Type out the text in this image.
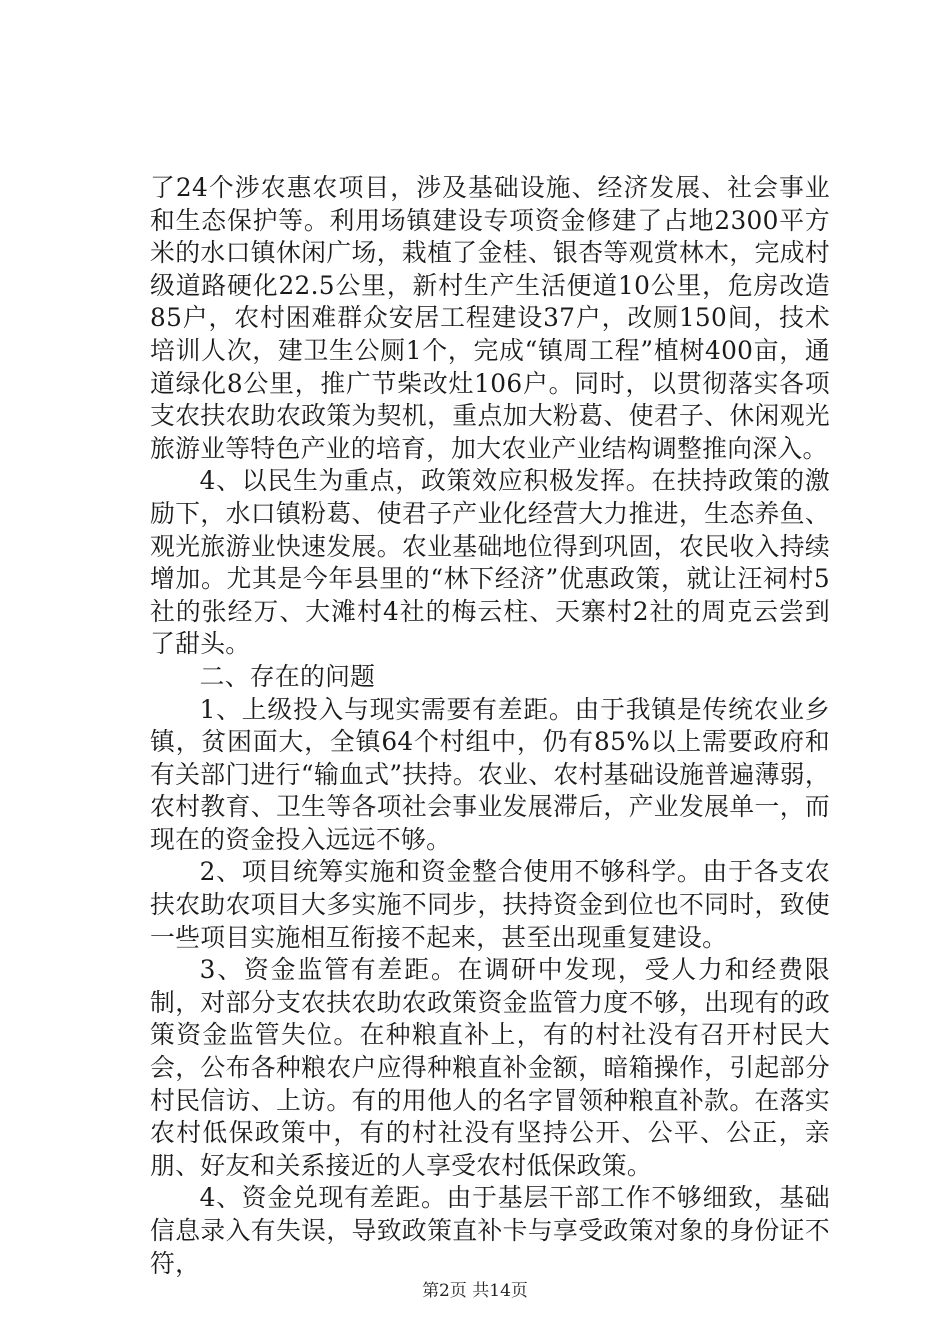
了24个涉农惠农项目，涉及基础设施、经济发展、社会事业和生态保护等。利用场镇建设专项资金修建了占地2300平方米的水口镇休闲广场，栽植了金桂、银杏等观赏林木，完成村级道路硬化22.5公里，新村生产生活便道10公里，危房改造85户，农村困难群众安居工程建设37户，改厕150间，技术培训人次，建卫生公厕1个，完成“镇周工程”植树400亩，通道绿化8公里，推广节柴改灶106户。同时，以贯彻落实各项支农扶农助农政策为契机，重点加大粉葛、使君子、休闲观光旅游业等特色产业的培育，加大农业产业结构调整推向深入。

4、以民生为重点，政策效应积极发挥。在扶持政策的激励下，水口镇粉葛、使君子产业化经营大力推进，生态养鱼、观光旅游业快速发展。农业基础地位得到巩固，农民收入持续增加。尤其是今年县里的“林下经济”优惠政策，就让汪祠村5社的张经万、大滩村4社的梅云柱、天寨村2社的周克云尝到了甜头。

二、存在的问题

1、上级投入与现实需要有差距。由于我镇是传统农业乡镇，贫困面大，全镇64个村组中，仍有85%以上需要政府和有关部门进行“输血式”扶持。农业、农村基础设施普遍薄弱，农村教育、卫生等各项社会事业发展滞后，产业发展单一，而现在的资金投入远远不够。

2、项目统筹实施和资金整合使用不够科学。由于各支农扶农助农项目大多实施不同步，扶持资金到位也不同时，致使一些项目实施相互衔接不起来，甚至出现重复建设。

3、资金监管有差距。在调研中发现，受人力和经费限制，对部分支农扶农助农政策资金监管力度不够，出现有的政策资金监管失位。在种粮直补上，有的村社没有召开村民大会，公布各种粮农户应得种粮直补金额，暗箱操作，引起部分村民信访、上访。有的用他人的名字冒领种粮直补款。在落实农村低保政策中，有的村社没有坚持公开、公平、公正，亲朋、好友和关系接近的人享受农村低保政策。

4、资金兑现有差距。由于基层干部工作不够细致，基础信息录入有失误，导致政策直补卡与享受政策对象的身份证不符，

第2页 共14页
